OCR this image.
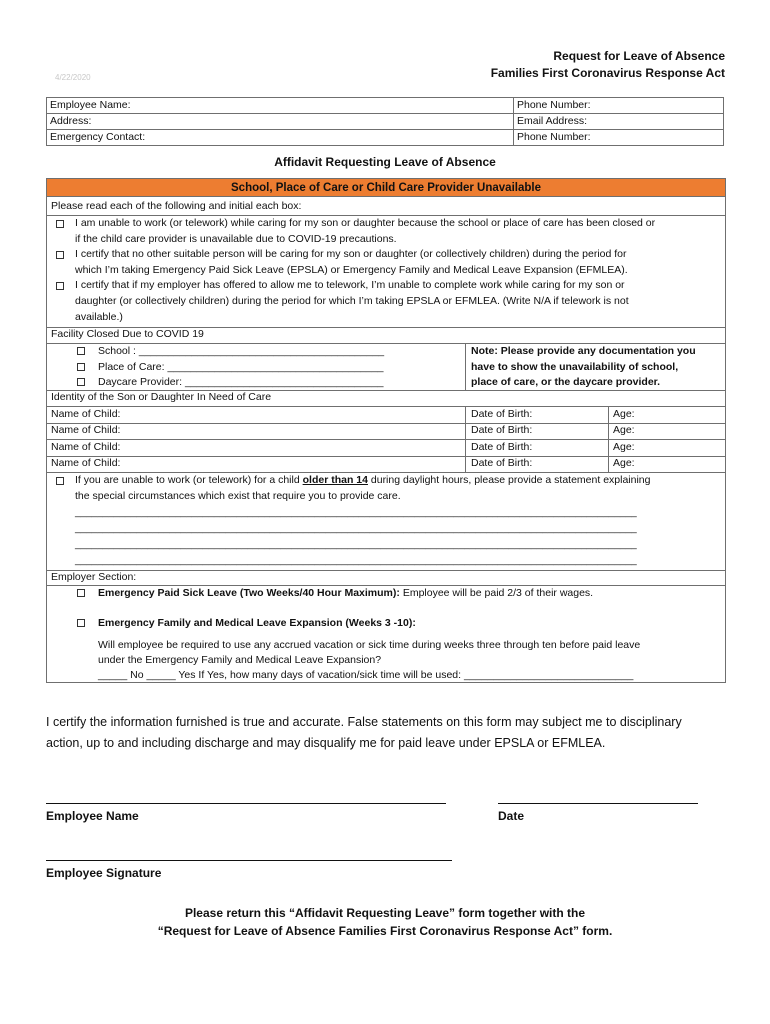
Request for Leave of Absence
Families First Coronavirus Response Act
4/22/2020
Employee Name:	Phone Number:
Address:	Email Address:
Emergency Contact:	Phone Number:
Affidavit Requesting Leave of Absence
School, Place of Care or Child Care Provider Unavailable
Please read each of the following and initial each box:
I am unable to work (or telework) while caring for my son or daughter because the school or place of care has been closed or
if the child care provider is unavailable due to COVID-19 precautions.
I certify that no other suitable person will be caring for my son or daughter (or collectively children) during the period for
which I’m taking Emergency Paid Sick Leave (EPSLA) or Emergency Family and Medical Leave Expansion (EFMLEA).
I certify that if my employer has offered to allow me to telework, I’m unable to complete work while caring for my son or
daughter (or collectively children) during the period for which I’m taking EPSLA or EFMLEA. (Write N/A if telework is not
available.)
Facility Closed Due to COVID 19
School : __________________________________________
Place of Care: _____________________________________
Daycare Provider: __________________________________
Note: Please provide any documentation you
have to show the unavailability of school,
place of care, or the daycare provider.
Identity of the Son or Daughter In Need of Care
Name of Child:	Date of Birth:	Age:
Name of Child:	Date of Birth:	Age:
Name of Child:	Date of Birth:	Age:
Name of Child:	Date of Birth:	Age:
If you are unable to work (or telework) for a child older than 14 during daylight hours, please provide a statement explaining
the special circumstances which exist that require you to provide care.
_____________________________________________________________________________________________________
_____________________________________________________________________________________________________
_____________________________________________________________________________________________________
_____________________________________________________________________________________________________
Employer Section:
Emergency Paid Sick Leave (Two Weeks/40 Hour Maximum): Employee will be paid 2/3 of their wages.
Emergency Family and Medical Leave Expansion (Weeks 3 -10):
Will employee be required to use any accrued vacation or sick time during weeks three through ten before paid leave
under the Emergency Family and Medical Leave Expansion?
_____ No _____ Yes If Yes, how many days of vacation/sick time will be used: _____________________________
I certify the information furnished is true and accurate. False statements on this form may subject me to disciplinary
action, up to and including discharge and may disqualify me for paid leave under EPSLA or EFMLEA.
Employee Name	Date
Employee Signature
Please return this “Affidavit Requesting Leave” form together with the
“Request for Leave of Absence Families First Coronavirus Response Act” form.
